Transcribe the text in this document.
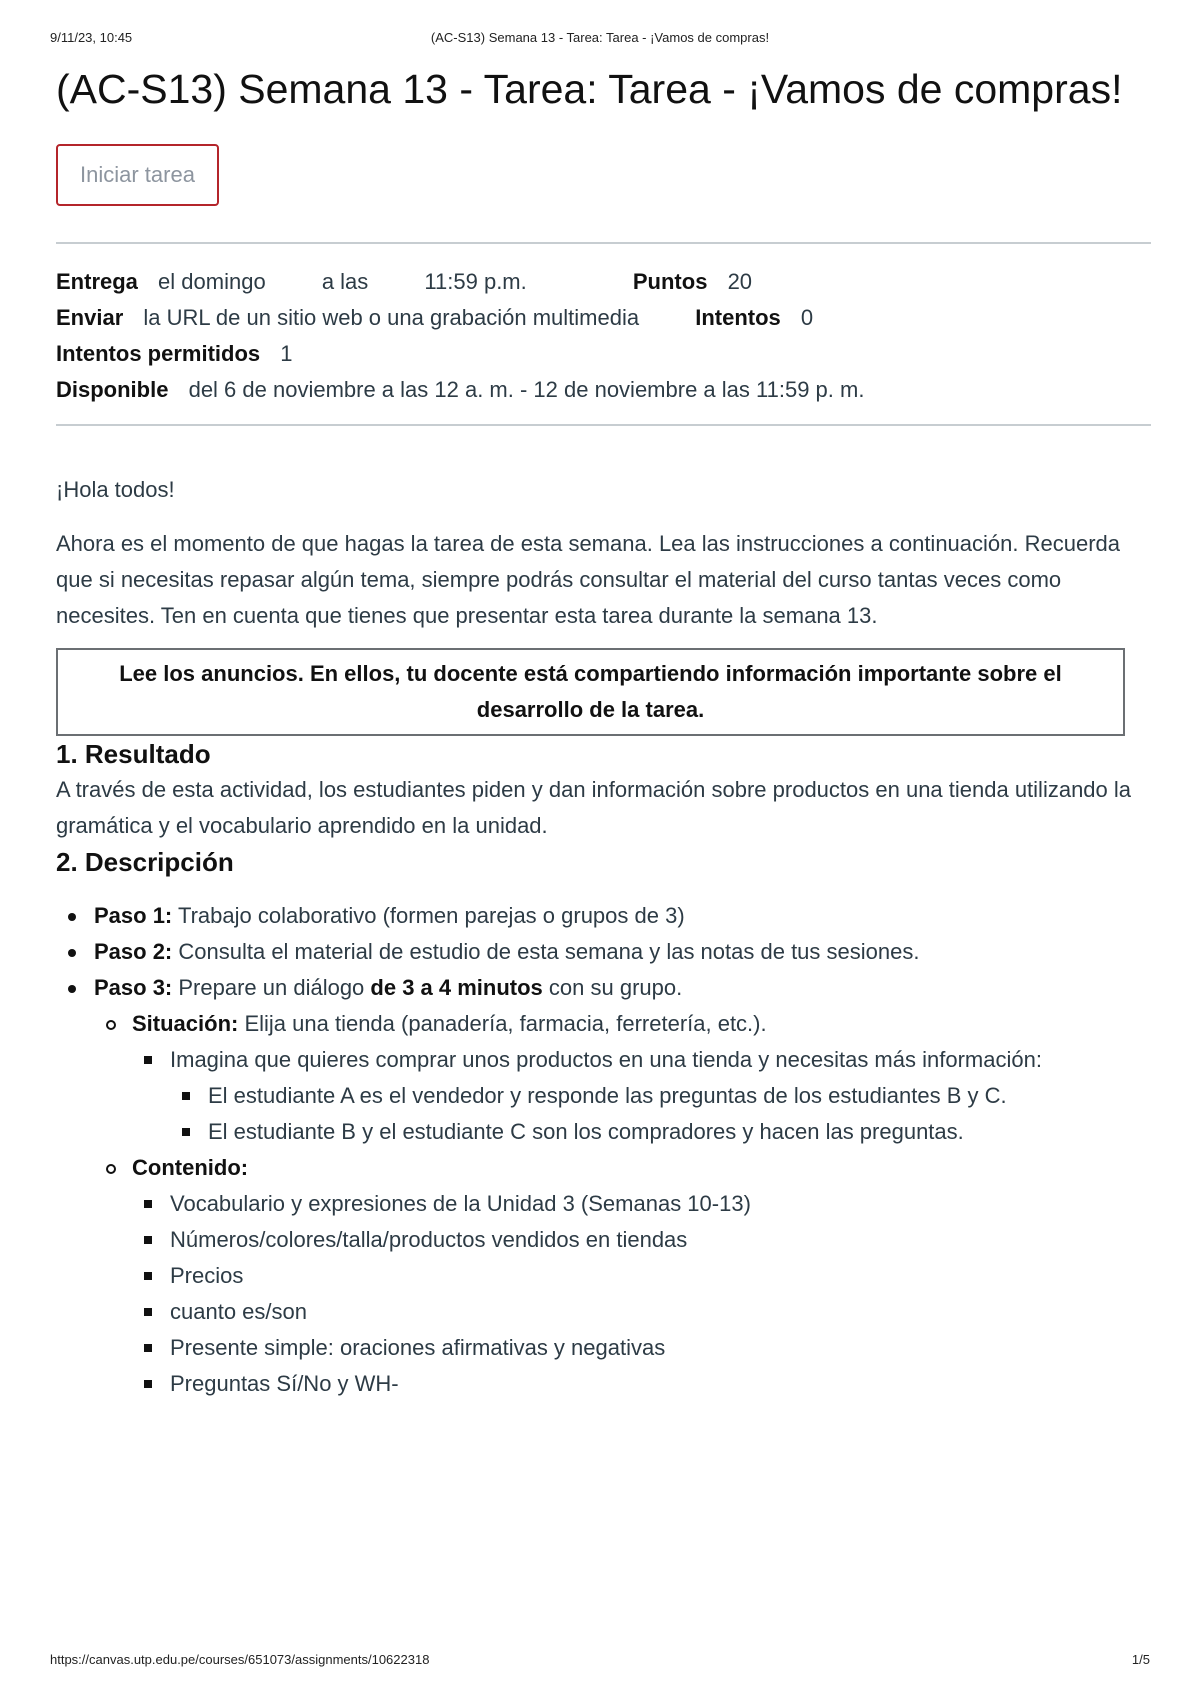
9/11/23, 10:45	(AC-S13) Semana 13 - Tarea: Tarea - ¡Vamos de compras!
(AC-S13) Semana 13 - Tarea: Tarea - ¡Vamos de compras!
Iniciar tarea
Entrega el domingo	a las	11:59 p.m.	Puntos 20
Enviar la URL de un sitio web o una grabación multimedia	Intentos 0
Intentos permitidos 1
Disponible del 6 de noviembre a las 12 a. m. - 12 de noviembre a las 11:59 p. m.

¡Hola todos!

Ahora es el momento de que hagas la tarea de esta semana. Lea las instrucciones a continuación. Recuerda que si necesitas repasar algún tema, siempre podrás consultar el material del curso tantas veces como necesites. Ten en cuenta que tienes que presentar esta tarea durante la semana 13.

Lee los anuncios. En ellos, tu docente está compartiendo información importante sobre el desarrollo de la tarea.
1. Resultado

A través de esta actividad, los estudiantes piden y dan información sobre productos en una tienda utilizando la gramática y el vocabulario aprendido en la unidad.

2. Descripción
Paso 1: Trabajo colaborativo (formen parejas o grupos de 3)
Paso 2: Consulta el material de estudio de esta semana y las notas de tus sesiones.
Paso 3: Prepare un diálogo de 3 a 4 minutos con su grupo.
Situación: Elija una tienda (panadería, farmacia, ferretería, etc.).
Imagina que quieres comprar unos productos en una tienda y necesitas más información:
El estudiante A es el vendedor y responde las preguntas de los estudiantes B y C.
El estudiante B y el estudiante C son los compradores y hacen las preguntas.
Contenido:
Vocabulario y expresiones de la Unidad 3 (Semanas 10-13)
Números/colores/talla/productos vendidos en tiendas
Precios
cuanto es/son
Presente simple: oraciones afirmativas y negativas
Preguntas Sí/No y WH-
https://canvas.utp.edu.pe/courses/651073/assignments/10622318	1/5
